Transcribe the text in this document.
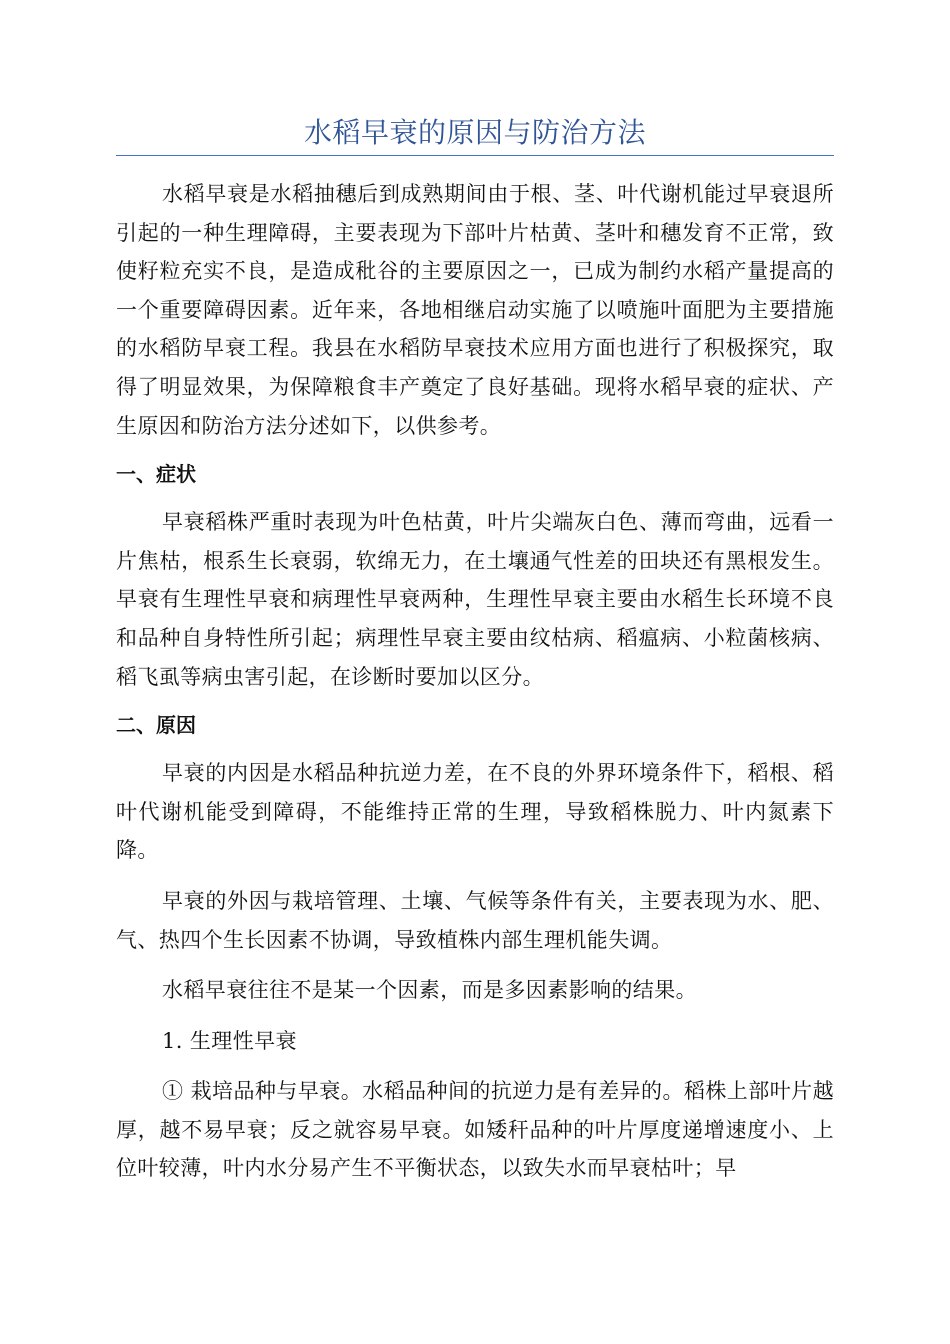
水稻早衰的原因与防治方法

水稻早衰是水稻抽穗后到成熟期间由于根、茎、叶代谢机能过早衰退所引起的一种生理障碍，主要表现为下部叶片枯黄、茎叶和穗发育不正常，致使籽粒充实不良，是造成秕谷的主要原因之一，已成为制约水稻产量提高的一个重要障碍因素。近年来，各地相继启动实施了以喷施叶面肥为主要措施的水稻防早衰工程。我县在水稻防早衰技术应用方面也进行了积极探究，取得了明显效果，为保障粮食丰产奠定了良好基础。现将水稻早衰的症状、产生原因和防治方法分述如下，以供参考。

一、症状

早衰稻株严重时表现为叶色枯黄，叶片尖端灰白色、薄而弯曲，远看一片焦枯，根系生长衰弱，软绵无力，在土壤通气性差的田块还有黑根发生。早衰有生理性早衰和病理性早衰两种，生理性早衰主要由水稻生长环境不良和品种自身特性所引起；病理性早衰主要由纹枯病、稻瘟病、小粒菌核病、稻飞虱等病虫害引起，在诊断时要加以区分。

二、原因

早衰的内因是水稻品种抗逆力差，在不良的外界环境条件下，稻根、稻叶代谢机能受到障碍，不能维持正常的生理，导致稻株脱力、叶内氮素下降。

早衰的外因与栽培管理、土壤、气候等条件有关，主要表现为水、肥、气、热四个生长因素不协调，导致植株内部生理机能失调。

水稻早衰往往不是某一个因素，而是多因素影响的结果。

1. 生理性早衰

① 栽培品种与早衰。水稻品种间的抗逆力是有差异的。稻株上部叶片越厚，越不易早衰；反之就容易早衰。如矮秆品种的叶片厚度递增速度小、上位叶较薄，叶内水分易产生不平衡状态，以致失水而早衰枯叶；早
